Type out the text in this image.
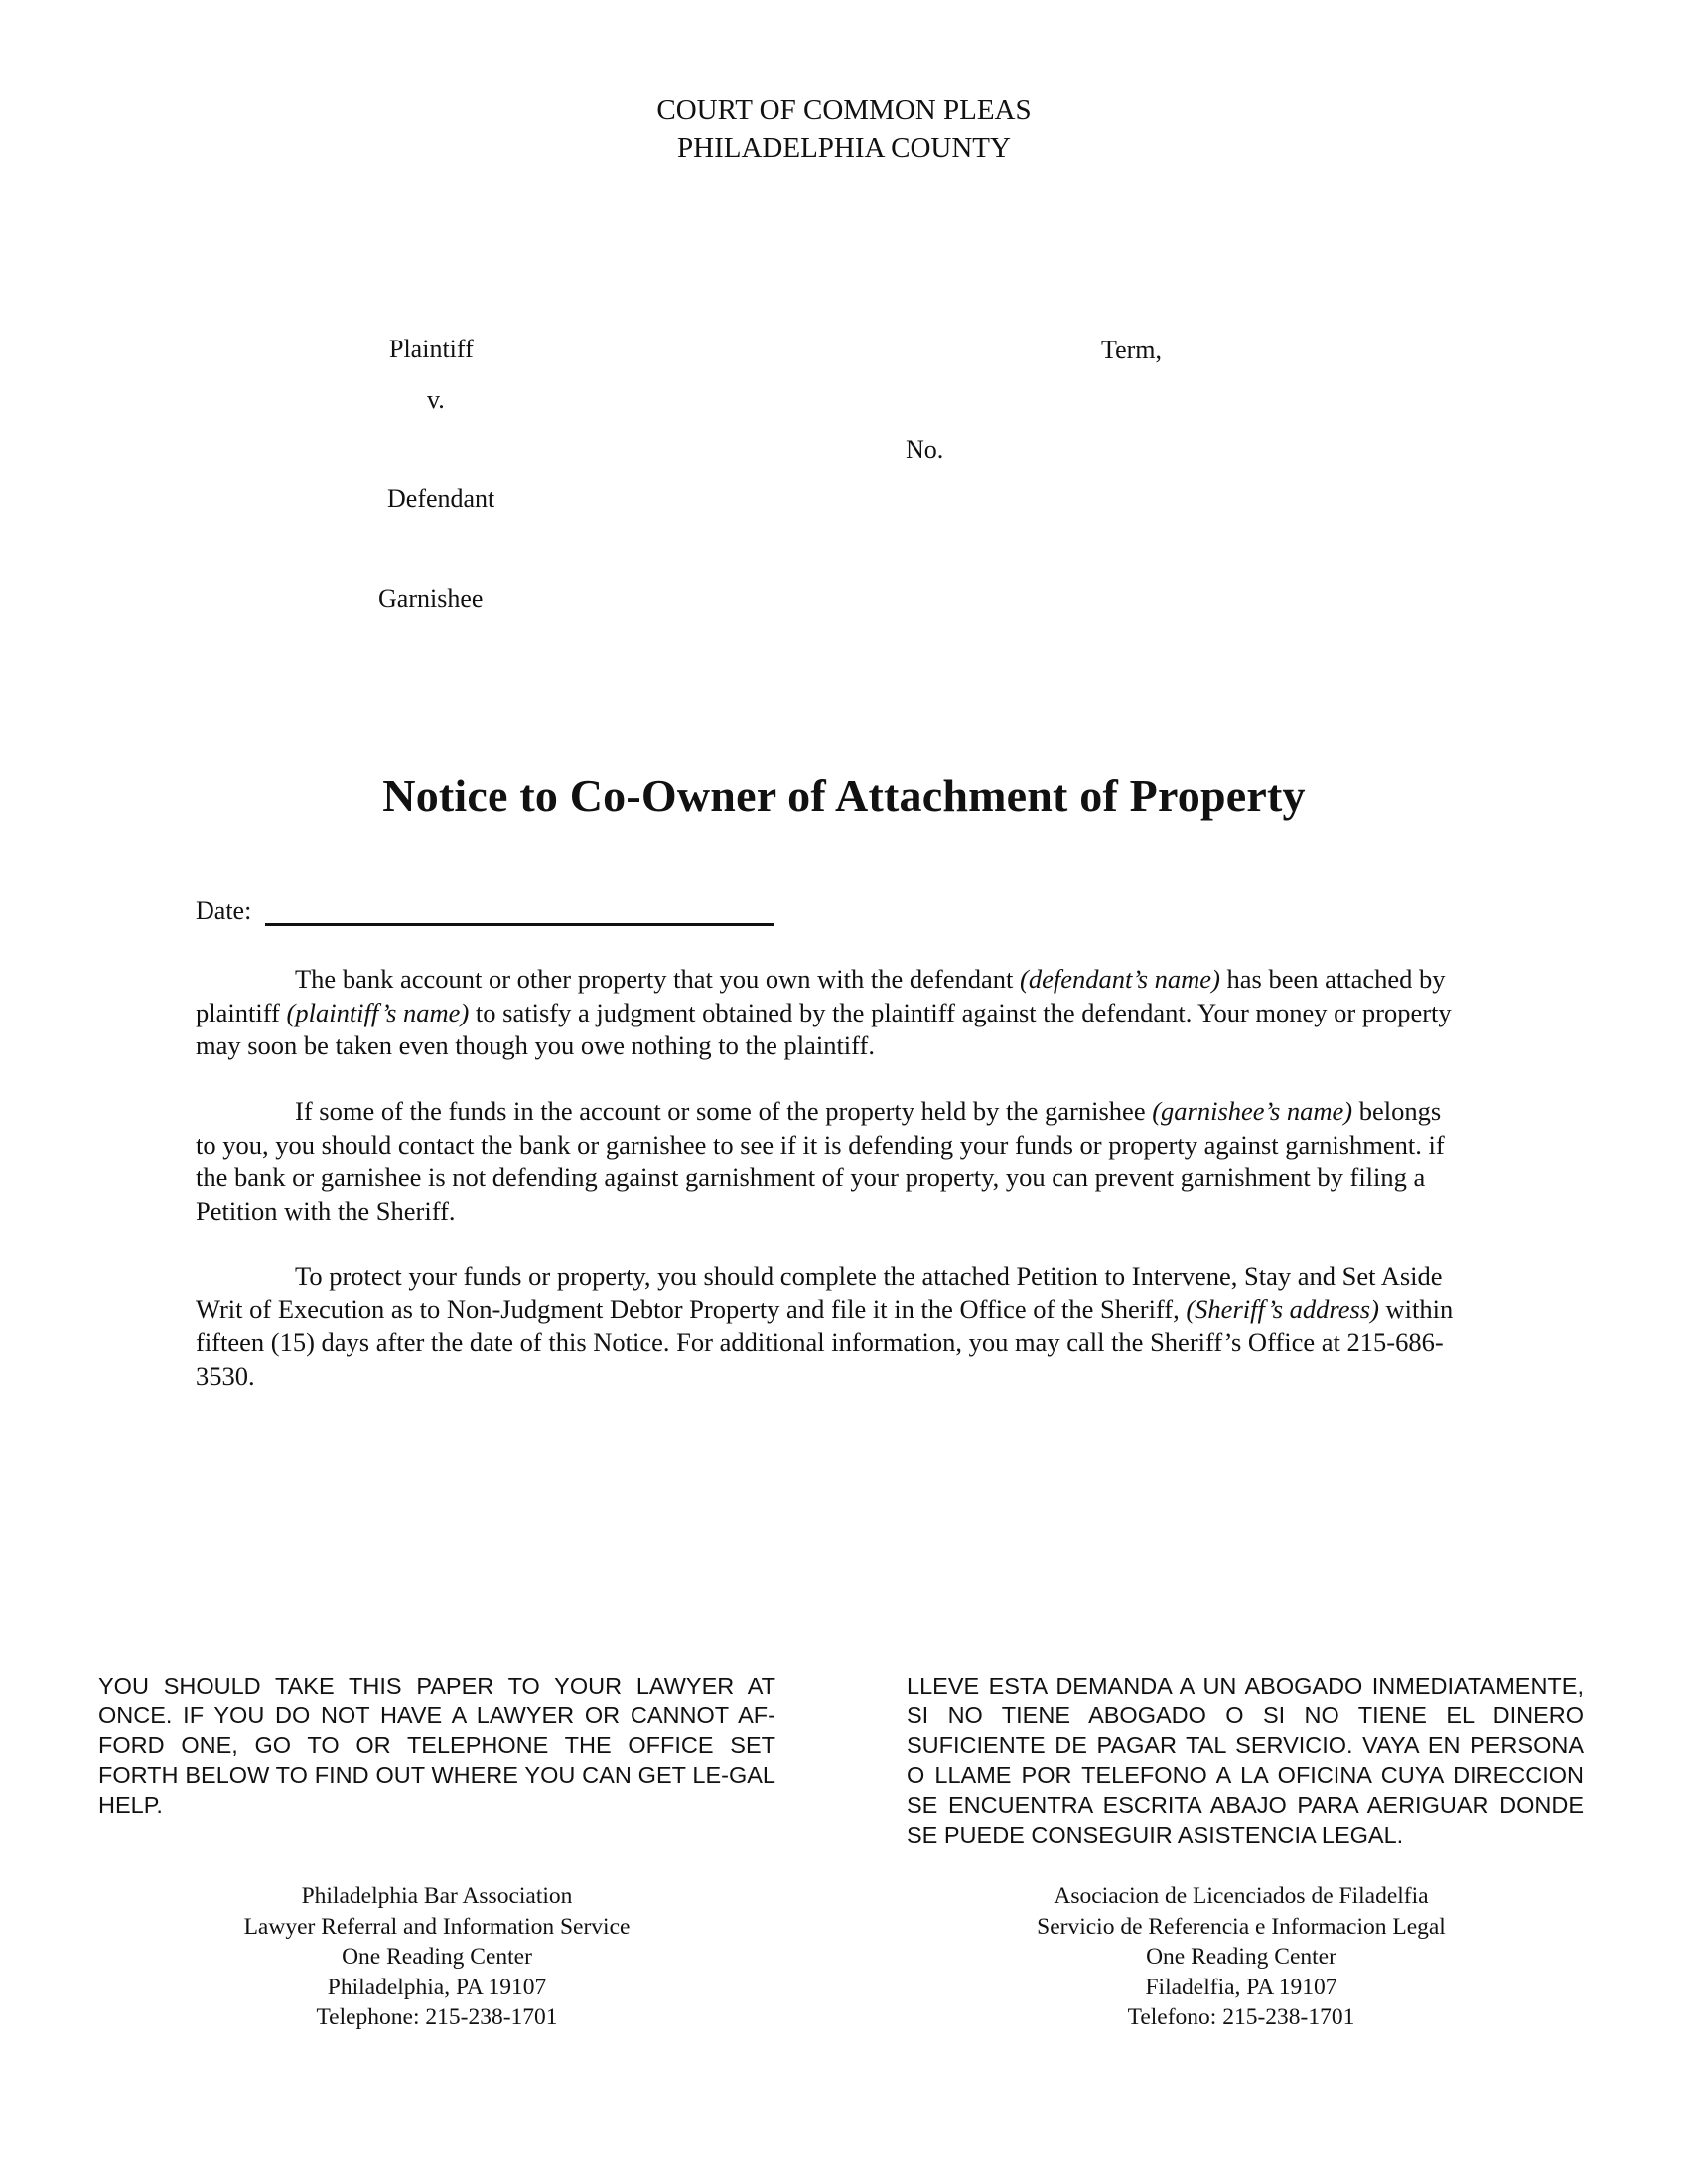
COURT OF COMMON PLEAS
PHILADELPHIA COUNTY
Plaintiff
v.
Defendant
Garnishee
Term,
No.
Notice to Co-Owner of Attachment of Property
Date:

The bank account or other property that you own with the defendant (defendant’s name) has been attached by plaintiff (plaintiff’s name) to satisfy a judgment obtained by the plaintiff against the defendant. Your money or property may soon be taken even though you owe nothing to the plaintiff.

If some of the funds in the account or some of the property held by the garnishee (garnishee’s name) belongs to you, you should contact the bank or garnishee to see if it is defending your funds or property against garnishment. if the bank or garnishee is not defending against garnishment of your property, you can prevent garnishment by filing a Petition with the Sheriff.

To protect your funds or property, you should complete the attached Petition to Intervene, Stay and Set Aside Writ of Execution as to Non-Judgment Debtor Property and file it in the Office of the Sheriff, (Sheriff’s address) within fifteen (15) days after the date of this Notice. For additional information, you may call the Sheriff’s Office at 215-686-3530.

YOU SHOULD TAKE THIS PAPER TO YOUR LAWYER AT ONCE. IF YOU DO NOT HAVE A LAWYER OR CANNOT AF-FORD ONE, GO TO OR TELEPHONE THE OFFICE SET FORTH BELOW TO FIND OUT WHERE YOU CAN GET LE-GAL HELP.
LLEVE ESTA DEMANDA A UN ABOGADO INMEDIATAMENTE, SI NO TIENE ABOGADO O SI NO TIENE EL DINERO SUFICIENTE DE PAGAR TAL SERVICIO. VAYA EN PERSONA O LLAME POR TELEFONO A LA OFICINA CUYA DIRECCION SE ENCUENTRA ESCRITA ABAJO PARA AERIGUAR DONDE SE PUEDE CONSEGUIR ASISTENCIA LEGAL.
Philadelphia Bar Association
Lawyer Referral and Information Service
One Reading Center
Philadelphia, PA 19107
Telephone: 215-238-1701
Asociacion de Licenciados de Filadelfia
Servicio de Referencia e Informacion Legal
One Reading Center
Filadelfia, PA 19107
Telefono: 215-238-1701
